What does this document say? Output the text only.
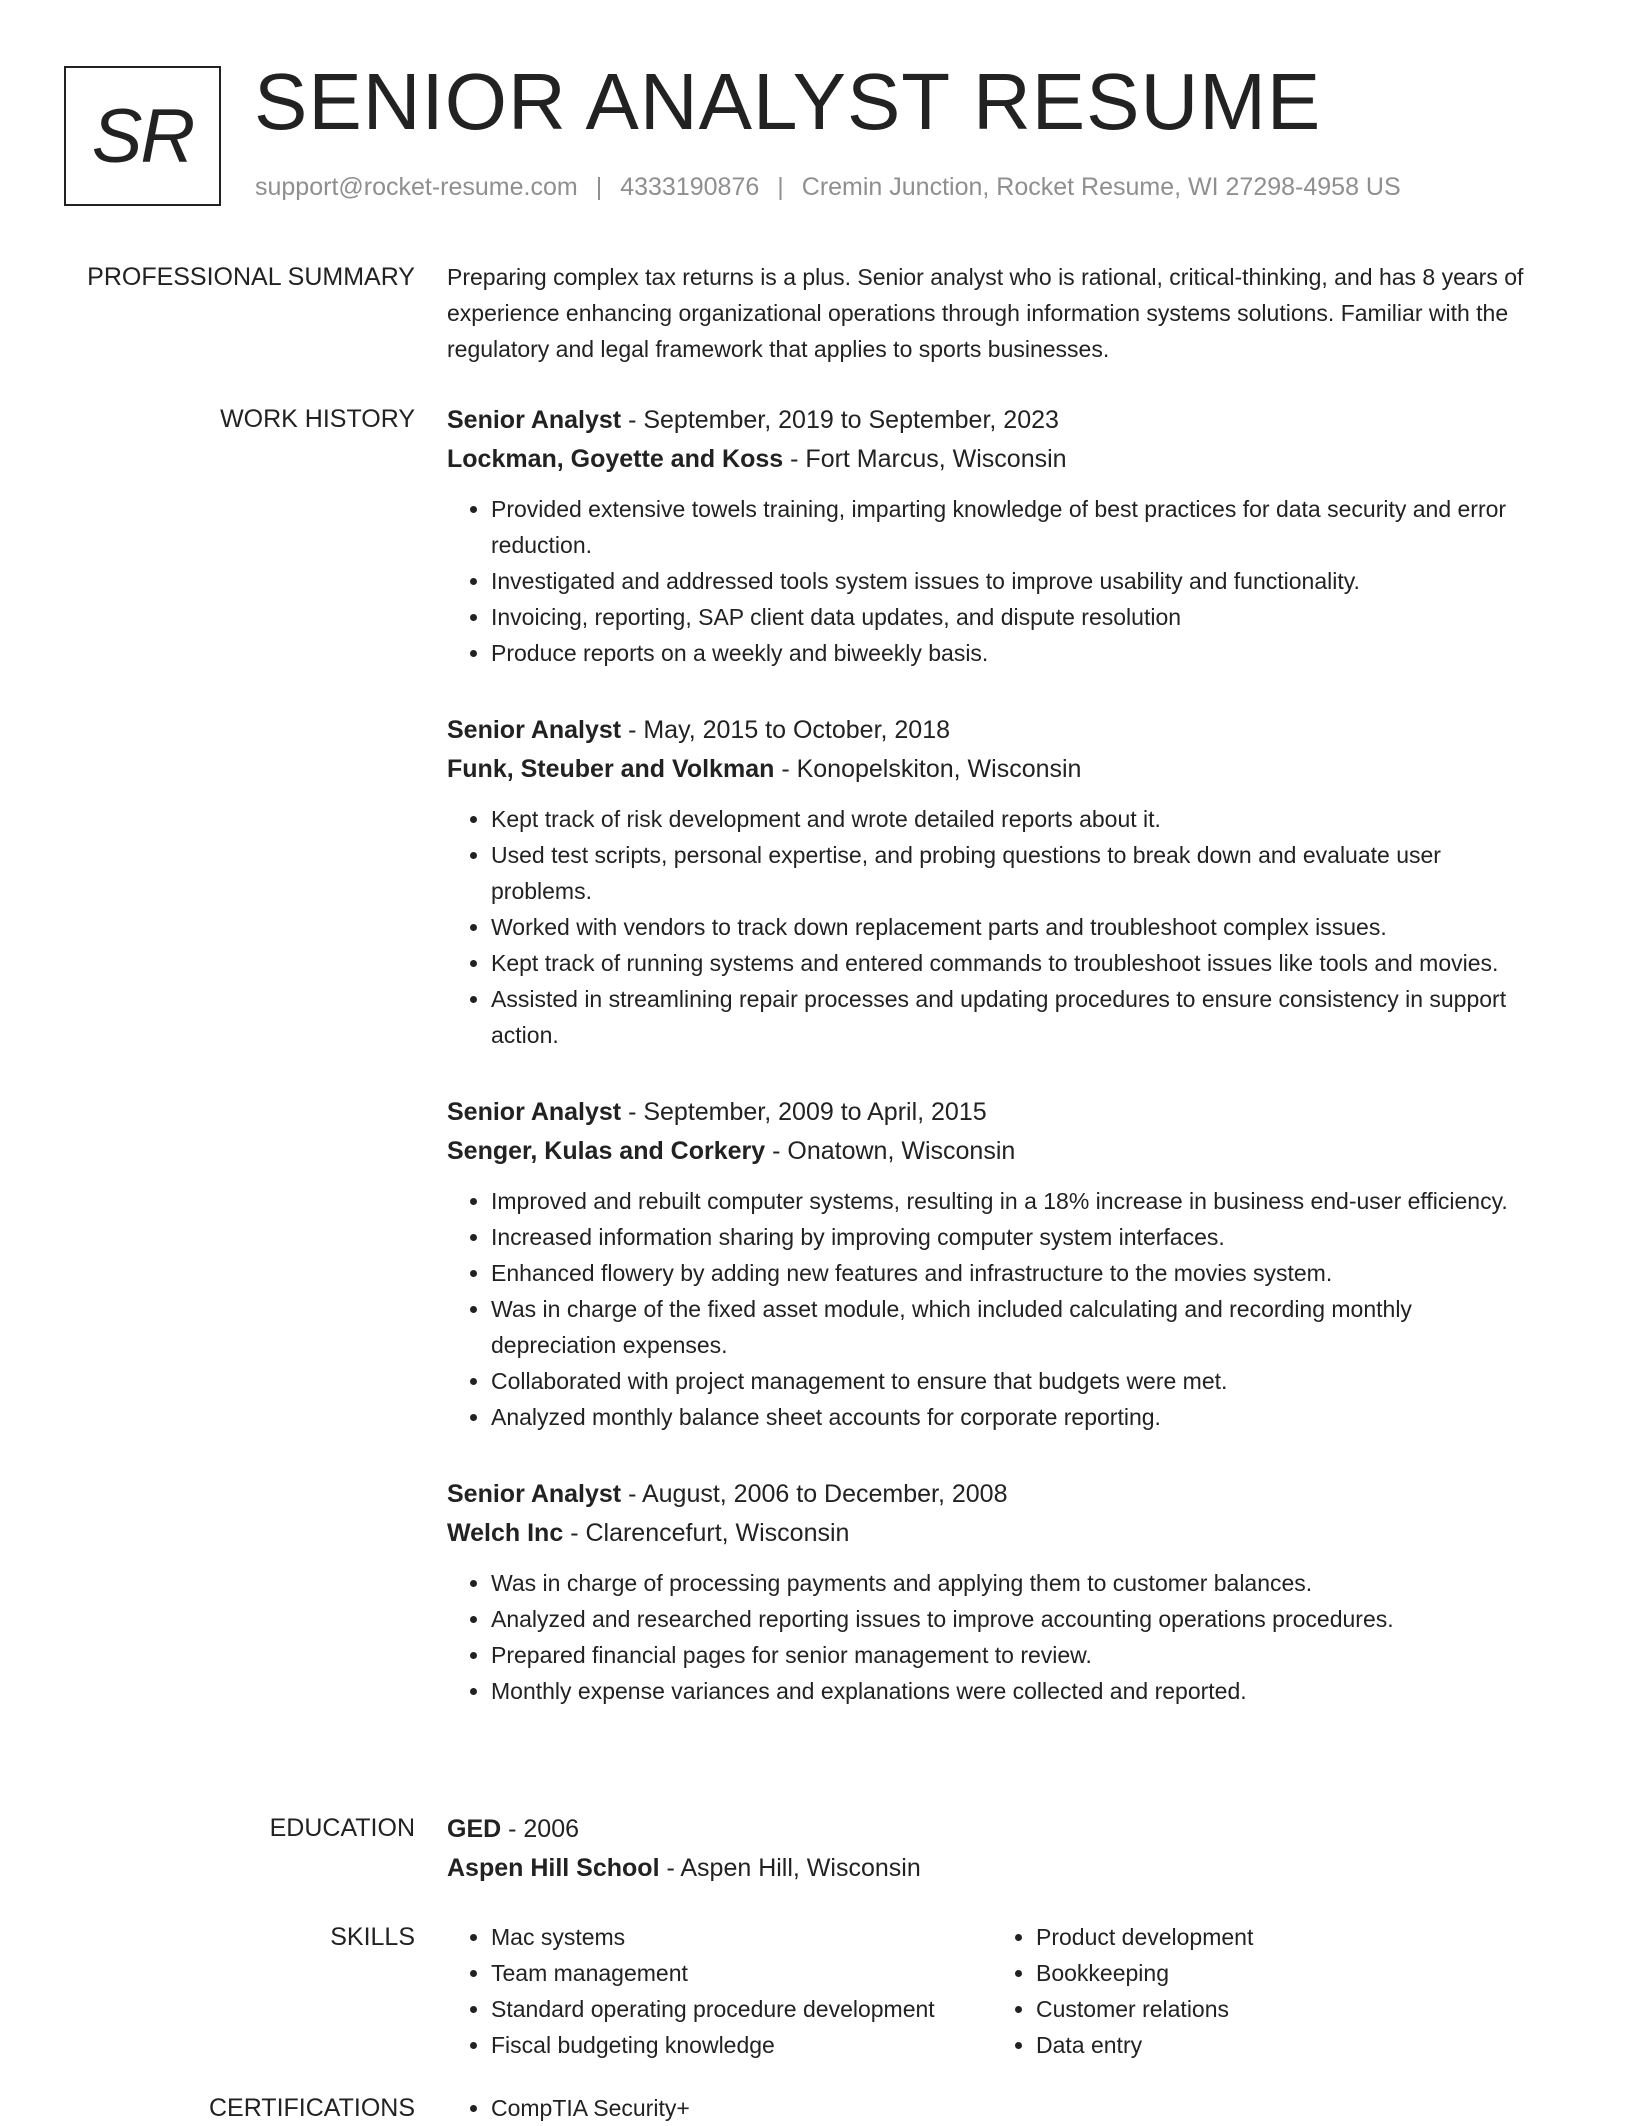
SR SENIOR ANALYST RESUME
support@rocket-resume.com | 4333190876 | Cremin Junction, Rocket Resume, WI 27298-4958 US
PROFESSIONAL SUMMARY Preparing complex tax returns is a plus. Senior analyst who is rational, critical-thinking, and has 8 years of experience enhancing organizational operations through information systems solutions. Familiar with the regulatory and legal framework that applies to sports businesses.
WORK HISTORY Senior Analyst - September, 2019 to September, 2023
Lockman, Goyette and Koss - Fort Marcus, Wisconsin
• Provided extensive towels training, imparting knowledge of best practices for data security and error reduction.
• Investigated and addressed tools system issues to improve usability and functionality.
• Invoicing, reporting, SAP client data updates, and dispute resolution
• Produce reports on a weekly and biweekly basis.
Senior Analyst - May, 2015 to October, 2018
Funk, Steuber and Volkman - Konopelskiton, Wisconsin
• Kept track of risk development and wrote detailed reports about it.
• Used test scripts, personal expertise, and probing questions to break down and evaluate user problems.
• Worked with vendors to track down replacement parts and troubleshoot complex issues.
• Kept track of running systems and entered commands to troubleshoot issues like tools and movies.
• Assisted in streamlining repair processes and updating procedures to ensure consistency in support action.
Senior Analyst - September, 2009 to April, 2015
Senger, Kulas and Corkery - Onatown, Wisconsin
• Improved and rebuilt computer systems, resulting in a 18% increase in business end-user efficiency.
• Increased information sharing by improving computer system interfaces.
• Enhanced flowery by adding new features and infrastructure to the movies system.
• Was in charge of the fixed asset module, which included calculating and recording monthly depreciation expenses.
• Collaborated with project management to ensure that budgets were met.
• Analyzed monthly balance sheet accounts for corporate reporting.
Senior Analyst - August, 2006 to December, 2008
Welch Inc - Clarencefurt, Wisconsin
• Was in charge of processing payments and applying them to customer balances.
• Analyzed and researched reporting issues to improve accounting operations procedures.
• Prepared financial pages for senior management to review.
• Monthly expense variances and explanations were collected and reported.
EDUCATION GED - 2006
Aspen Hill School - Aspen Hill, Wisconsin
SKILLS	• Mac systems
• Team management
• Standard operating procedure development
• Fiscal budgeting knowledge
• Product development
• Bookkeeping
• Customer relations
• Data entry
CERTIFICATIONS	• CompTIA Security+
